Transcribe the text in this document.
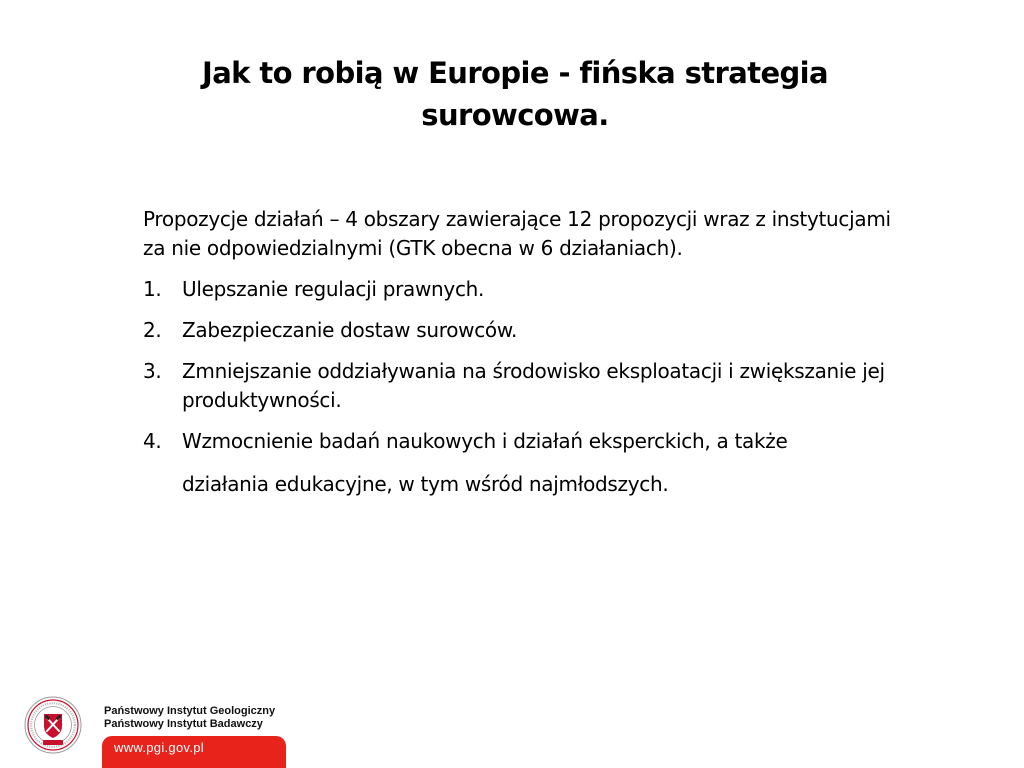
Jak to robią w Europie - fińska strategia surowcowa.

Propozycje działań – 4 obszary zawierające 12 propozycji wraz z instytucjami za nie odpowiedzialnymi (GTK obecna w 6 działaniach).

1.	Ulepszanie regulacji prawnych.
2.	Zabezpieczanie dostaw surowców.
3.	Zmniejszanie oddziaływania na środowisko eksploatacji i zwiększanie jej produktywności.
4.	Wzmocnienie badań naukowych i działań eksperckich, a także

działania edukacyjne, w tym wśród najmłodszych.

Państwowy Instytut Geologiczny
Państwowy Instytut Badawczy
www.pgi.gov.pl
